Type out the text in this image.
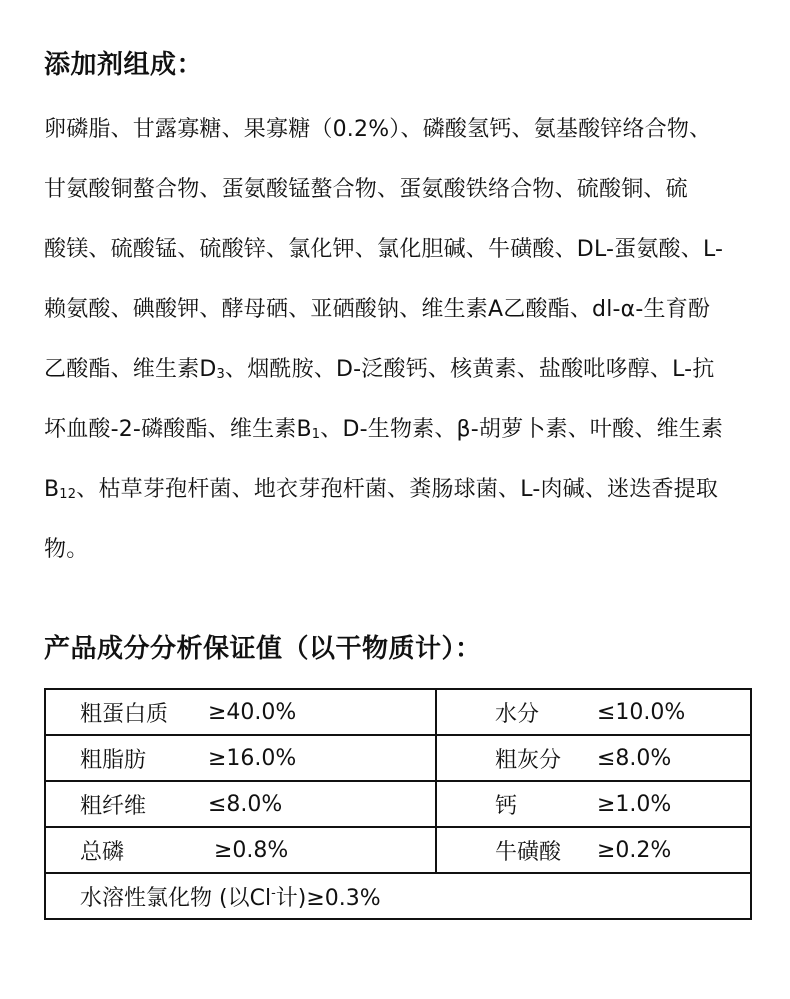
添加剂组成：
卵磷脂、甘露寡糖、果寡糖（0.2%）、磷酸氢钙、氨基酸锌络合物、
甘氨酸铜螯合物、蛋氨酸锰螯合物、蛋氨酸铁络合物、硫酸铜、硫
酸镁、硫酸锰、硫酸锌、氯化钾、氯化胆碱、牛磺酸、DL-蛋氨酸、L-
赖氨酸、碘酸钾、酵母硒、亚硒酸钠、维生素A乙酸酯、dl-α-生育酚
乙酸酯、维生素D3、烟酰胺、D-泛酸钙、核黄素、盐酸吡哆醇、L-抗
坏血酸-2-磷酸酯、维生素B1、D-生物素、β-胡萝卜素、叶酸、维生素
B12、枯草芽孢杆菌、地衣芽孢杆菌、粪肠球菌、L-肉碱、迷迭香提取
物。
产品成分分析保证值（以干物质计）：
粗蛋白质 ≥40.0%	水分 ≤10.0%
粗脂肪 ≥16.0%	粗灰分 ≤8.0%
粗纤维 ≤8.0%	钙 ≥1.0%
总磷 ≥0.8%	牛磺酸 ≥0.2%
水溶性氯化物 (以Cl-计)≥0.3%	
